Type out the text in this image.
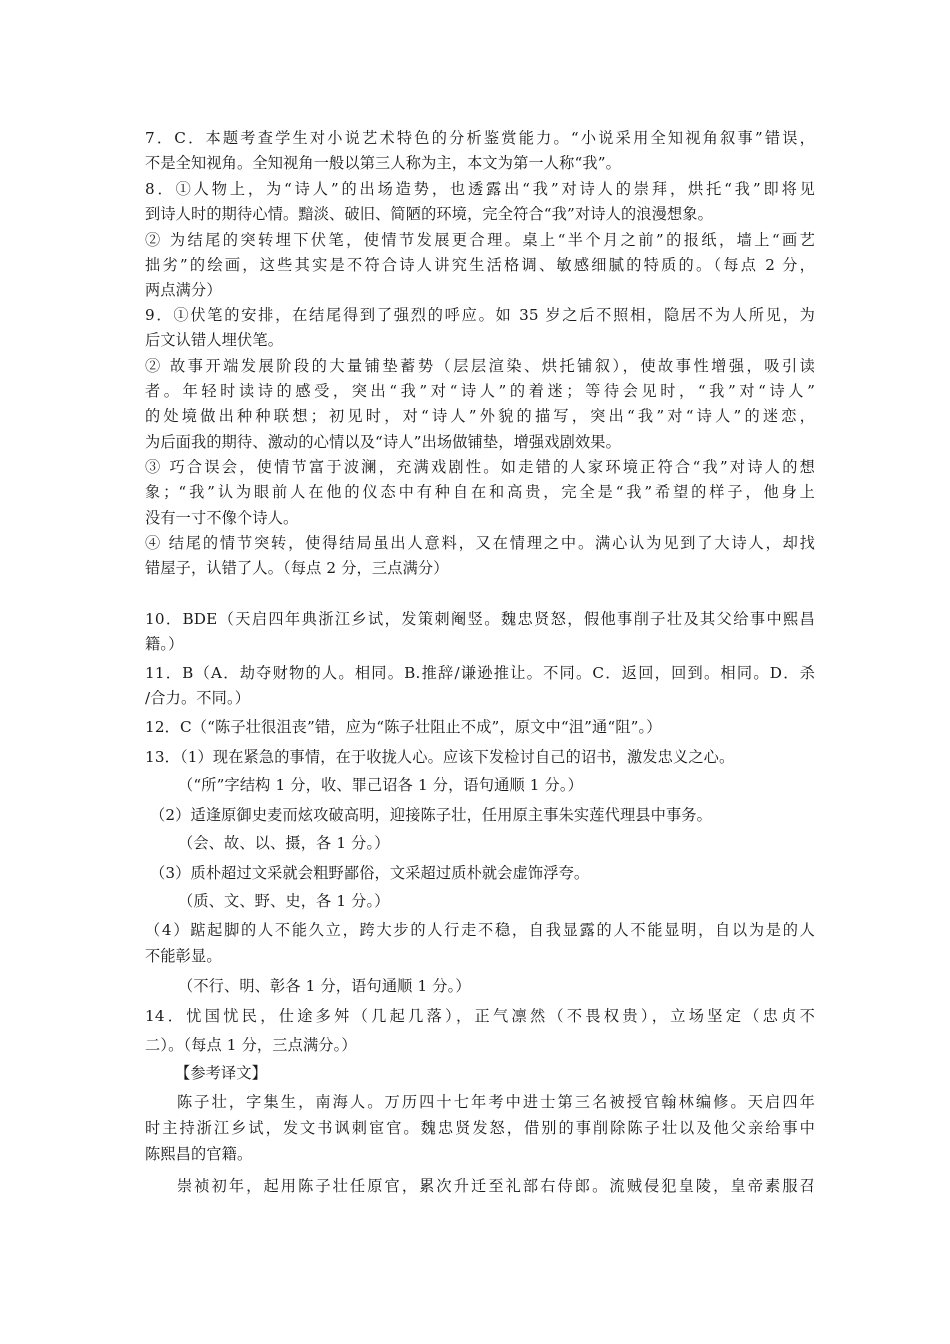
7．C．本题考查学生对小说艺术特色的分析鉴赏能力。“小说采用全知视角叙事”错误，
不是全知视角。全知视角一般以第三人称为主，本文为第一人称“我”。
8．①人物上，为“诗人”的出场造势，也透露出“我”对诗人的崇拜，烘托“我”即将见
到诗人时的期待心情。黯淡、破旧、简陋的环境，完全符合“我”对诗人的浪漫想象。
② 为结尾的突转埋下伏笔，使情节发展更合理。桌上“半个月之前”的报纸，墙上“画艺
拙劣”的绘画，这些其实是不符合诗人讲究生活格调、敏感细腻的特质的。（每点 2 分，
两点满分）
9．①伏笔的安排，在结尾得到了强烈的呼应。如 35 岁之后不照相，隐居不为人所见，为
后文认错人埋伏笔。
② 故事开端发展阶段的大量铺垫蓄势（层层渲染、烘托铺叙），使故事性增强，吸引读
者。年轻时读诗的感受，突出“我”对“诗人”的着迷；等待会见时，“我”对“诗人”
的处境做出种种联想；初见时，对“诗人”外貌的描写，突出“我”对“诗人”的迷恋，
为后面我的期待、激动的心情以及“诗人”出场做铺垫，增强戏剧效果。
③ 巧合误会，使情节富于波澜，充满戏剧性。如走错的人家环境正符合“我”对诗人的想
象；“我”认为眼前人在他的仪态中有种自在和高贵，完全是“我”希望的样子，他身上
没有一寸不像个诗人。
④ 结尾的情节突转，使得结局虽出人意料，又在情理之中。满心认为见到了大诗人，却找
错屋子，认错了人。（每点 2 分，三点满分）
10．BDE（天启四年典浙江乡试，发策刺阉竖。魏忠贤怒，假他事削子壮及其父给事中熙昌
籍。）
11．B（A．劫夺财物的人。相同。B.推辞/谦逊推让。不同。C．返回，回到。相同。D．杀
/合力。不同。）
12．C（“陈子壮很沮丧”错，应为“陈子壮阻止不成”，原文中“沮”通“阻”。）
13．（1）现在紧急的事情，在于收拢人心。应该下发检讨自己的诏书，激发忠义之心。
（“所”字结构 1 分，收、罪己诏各 1 分，语句通顺 1 分。）
（2）适逢原御史麦而炫攻破高明，迎接陈子壮，任用原主事朱实莲代理县中事务。
（会、故、以、摄，各 1 分。）
（3）质朴超过文采就会粗野鄙俗，文采超过质朴就会虚饰浮夸。
（质、文、野、史，各 1 分。）
（4）踮起脚的人不能久立，跨大步的人行走不稳，自我显露的人不能显明，自以为是的人
不能彰显。
（不行、明、彰各 1 分，语句通顺 1 分。）
14．忧国忧民，仕途多舛（几起几落），正气凛然（不畏权贵），立场坚定（忠贞不
二）。（每点 1 分，三点满分。）
【参考译文】
陈子壮，字集生，南海人。万历四十七年考中进士第三名被授官翰林编修。天启四年
时主持浙江乡试，发文书讽刺宦官。魏忠贤发怒，借别的事削除陈子壮以及他父亲给事中
陈熙昌的官籍。
崇祯初年，起用陈子壮任原官，累次升迁至礼部右侍郎。流贼侵犯皇陵，皇帝素服召
